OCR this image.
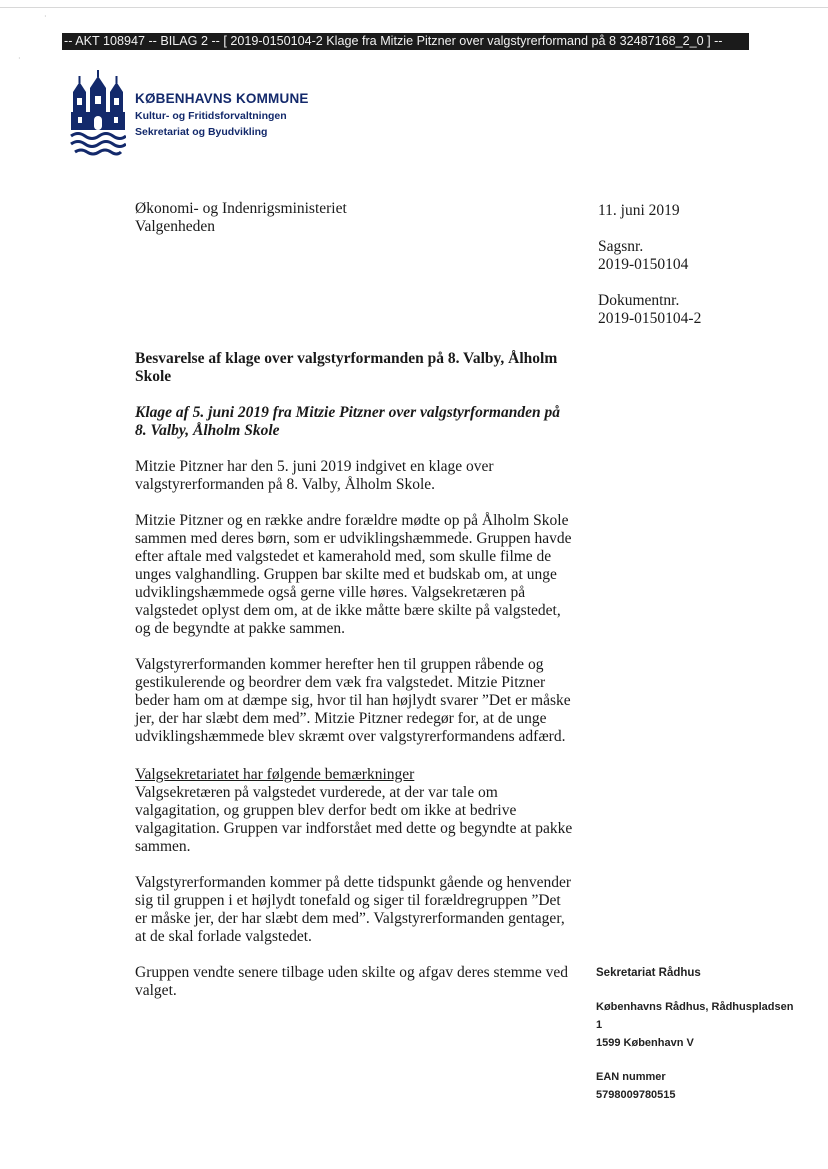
-- AKT 108947 -- BILAG 2 -- [ 2019-0150104-2 Klage fra Mitzie Pitzner over valgstyrerformand på 8 32487168_2_0 ] --
KØBENHAVNS KOMMUNE
Kultur- og Fritidsforvaltningen
Sekretariat og Byudvikling
Økonomi- og Indenrigsministeriet
Valgenheden
11. juni 2019
Sagsnr.
2019-0150104
Dokumentnr.
2019-0150104-2
Besvarelse af klage over valgstyrformanden på 8. Valby, Ålholm
Skole
Klage af 5. juni 2019 fra Mitzie Pitzner over valgstyrformanden på
8. Valby, Ålholm Skole
Mitzie Pitzner har den 5. juni 2019 indgivet en klage over
valgstyrerformanden på 8. Valby, Ålholm Skole.
Mitzie Pitzner og en række andre forældre mødte op på Ålholm Skole
sammen med deres børn, som er udviklingshæmmede. Gruppen havde
efter aftale med valgstedet et kamerahold med, som skulle filme de
unges valghandling. Gruppen bar skilte med et budskab om, at unge
udviklingshæmmede også gerne ville høres. Valgsekretæren på
valgstedet oplyst dem om, at de ikke måtte bære skilte på valgstedet,
og de begyndte at pakke sammen.
Valgstyrerformanden kommer herefter hen til gruppen råbende og
gestikulerende og beordrer dem væk fra valgstedet. Mitzie Pitzner
beder ham om at dæmpe sig, hvor til han højlydt svarer ”Det er måske
jer, der har slæbt dem med”. Mitzie Pitzner redegør for, at de unge
udviklingshæmmede blev skræmt over valgstyrerformandens adfærd.
Valgsekretariatet har følgende bemærkninger
Valgsekretæren på valgstedet vurderede, at der var tale om
valgagitation, og gruppen blev derfor bedt om ikke at bedrive
valgagitation. Gruppen var indforstået med dette og begyndte at pakke
sammen.
Valgstyrerformanden kommer på dette tidspunkt gående og henvender
sig til gruppen i et højlydt tonefald og siger til forældregruppen ”Det
er måske jer, der har slæbt dem med”. Valgstyrerformanden gentager,
at de skal forlade valgstedet.
Gruppen vendte senere tilbage uden skilte og afgav deres stemme ved
valget.
Sekretariat Rådhus
Københavns Rådhus, Rådhuspladsen
1
1599 København V
EAN nummer
5798009780515
·
·
